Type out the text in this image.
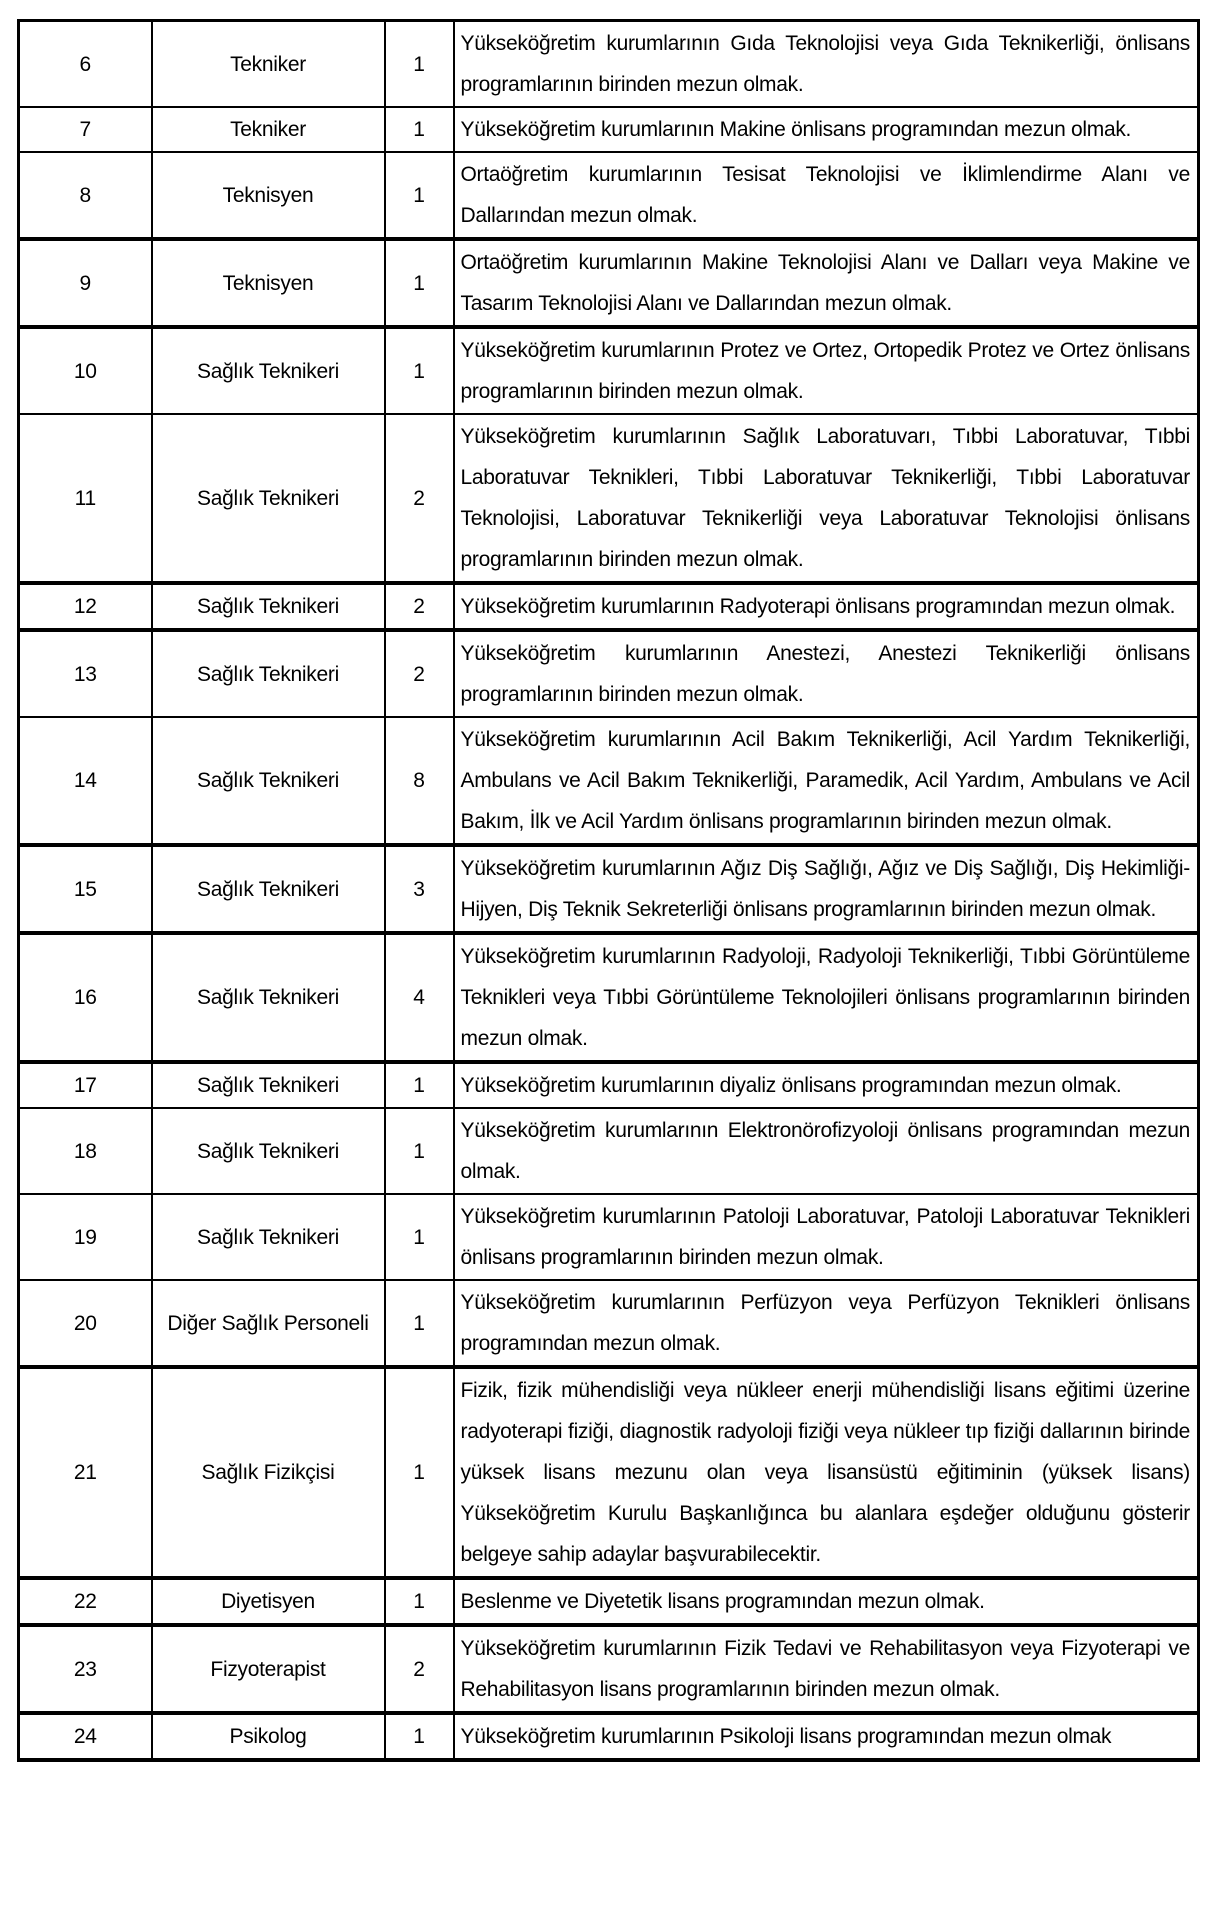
6	Tekniker	1	Yükseköğretim kurumlarının Gıda Teknolojisi veya Gıda Teknikerliği, önlisans programlarının birinden mezun olmak.
7	Tekniker	1	Yükseköğretim kurumlarının Makine önlisans programından mezun olmak.
8	Teknisyen	1	Ortaöğretim kurumlarının Tesisat Teknolojisi ve İklimlendirme Alanı ve Dallarından mezun olmak.
9	Teknisyen	1	Ortaöğretim kurumlarının Makine Teknolojisi Alanı ve Dalları veya Makine ve Tasarım Teknolojisi Alanı ve Dallarından mezun olmak.
10	Sağlık Teknikeri	1	Yükseköğretim kurumlarının Protez ve Ortez, Ortopedik Protez ve Ortez önlisans programlarının birinden mezun olmak.
11	Sağlık Teknikeri	2	Yükseköğretim kurumlarının Sağlık Laboratuvarı, Tıbbi Laboratuvar, Tıbbi Laboratuvar Teknikleri, Tıbbi Laboratuvar Teknikerliği, Tıbbi Laboratuvar Teknolojisi, Laboratuvar Teknikerliği veya Laboratuvar Teknolojisi önlisans programlarının birinden mezun olmak.
12	Sağlık Teknikeri	2	Yükseköğretim kurumlarının Radyoterapi önlisans programından mezun olmak.
13	Sağlık Teknikeri	2	Yükseköğretim kurumlarının Anestezi, Anestezi Teknikerliği önlisans programlarının birinden mezun olmak.
14	Sağlık Teknikeri	8	Yükseköğretim kurumlarının Acil Bakım Teknikerliği, Acil Yardım Teknikerliği, Ambulans ve Acil Bakım Teknikerliği, Paramedik, Acil Yardım, Ambulans ve Acil Bakım, İlk ve Acil Yardım önlisans programlarının birinden mezun olmak.
15	Sağlık Teknikeri	3	Yükseköğretim kurumlarının Ağız Diş Sağlığı, Ağız ve Diş Sağlığı, Diş Hekimliği-Hijyen, Diş Teknik Sekreterliği önlisans programlarının birinden mezun olmak.
16	Sağlık Teknikeri	4	Yükseköğretim kurumlarının Radyoloji, Radyoloji Teknikerliği, Tıbbi Görüntüleme Teknikleri veya Tıbbi Görüntüleme Teknolojileri önlisans programlarının birinden mezun olmak.
17	Sağlık Teknikeri	1	Yükseköğretim kurumlarının diyaliz önlisans programından mezun olmak.
18	Sağlık Teknikeri	1	Yükseköğretim kurumlarının Elektronörofizyoloji önlisans programından mezun olmak.
19	Sağlık Teknikeri	1	Yükseköğretim kurumlarının Patoloji Laboratuvar, Patoloji Laboratuvar Teknikleri önlisans programlarının birinden mezun olmak.
20	Diğer Sağlık Personeli	1	Yükseköğretim kurumlarının Perfüzyon veya Perfüzyon Teknikleri önlisans programından mezun olmak.
21	Sağlık Fizikçisi	1	Fizik, fizik mühendisliği veya nükleer enerji mühendisliği lisans eğitimi üzerine radyoterapi fiziği, diagnostik radyoloji fiziği veya nükleer tıp fiziği dallarının birinde yüksek lisans mezunu olan veya lisansüstü eğitiminin (yüksek lisans) Yükseköğretim Kurulu Başkanlığınca bu alanlara eşdeğer olduğunu gösterir belgeye sahip adaylar başvurabilecektir.
22	Diyetisyen	1	Beslenme ve Diyetetik lisans programından mezun olmak.
23	Fizyoterapist	2	Yükseköğretim kurumlarının Fizik Tedavi ve Rehabilitasyon veya Fizyoterapi ve Rehabilitasyon lisans programlarının birinden mezun olmak.
24	Psikolog	1	Yükseköğretim kurumlarının Psikoloji lisans programından mezun olmak
